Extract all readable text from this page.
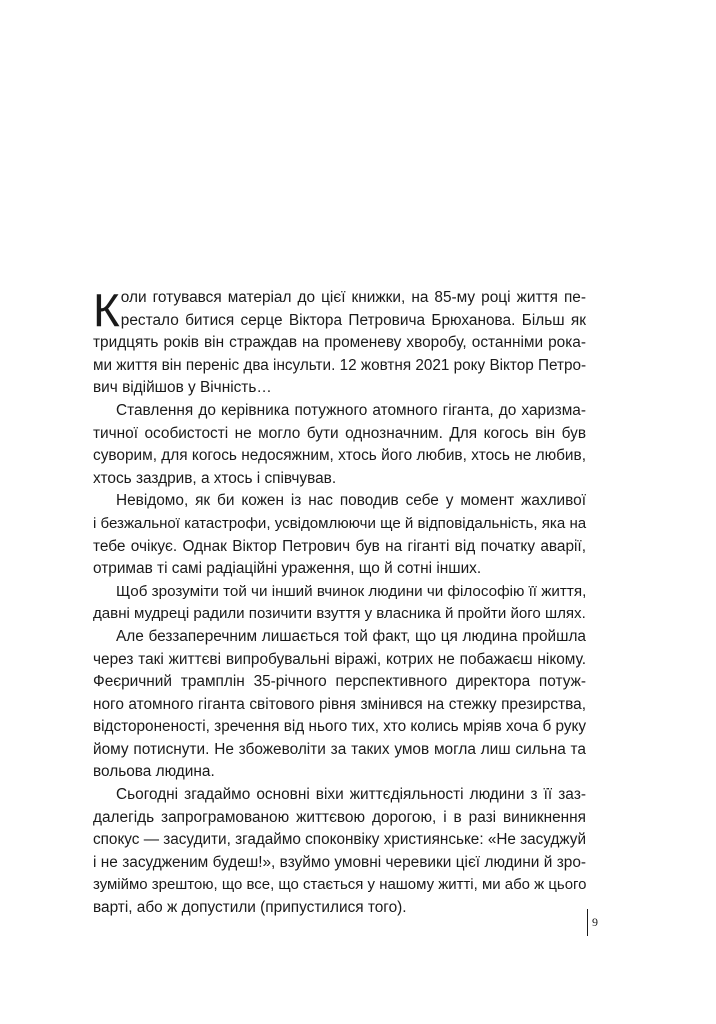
К оли готувався матеріал до цієї книжки, на 85-му році життя пе-
рестало битися серце Віктора Петровича Брюханова. Більш як
тридцять років він страждав на променеву хворобу, останніми рока-
ми життя він переніс два інсульти. 12 жовтня 2021 року Віктор Петро-
вич відійшов у Вічність…
Ставлення до керівника потужного атомного гіганта, до харизма-
тичної особистості не могло бути однозначним. Для когось він був
суворим, для когось недосяжним, хтось його любив, хтось не любив,
хтось заздрив, а хтось і співчував.
Невідомо, як би кожен із нас поводив себе у момент жахливої
і безжальної катастрофи, усвідомлюючи ще й відповідальність, яка на
тебе очікує. Однак Віктор Петрович був на гіганті від початку аварії,
отримав ті самі радіаційні ураження, що й сотні інших.
Щоб зрозуміти той чи інший вчинок людини чи філософію її життя,
давні мудреці радили позичити взуття у власника й пройти його шлях.
Але беззаперечним лишається той факт, що ця людина пройшла
через такі життєві випробувальні віражі, котрих не побажаєш нікому.
Феєричний трамплін 35-річного перспективного директора потуж-
ного атомного гіганта світового рівня змінився на стежку презирства,
відстороненості, зречення від нього тих, хто колись мріяв хоча б руку
йому потиснути. Не збожеволіти за таких умов могла лиш сильна та
вольова людина.
Сьогодні згадаймо основні віхи життєдіяльності людини з її зaз-
далегідь запрограмованою життєвою дорогою, і в разі виникнення
спокус — засудити, згадаймо споконвіку християнське: «Не засуджуй
і не засудженим будеш!», взуймо умовні черевики цієї людини й зро-
зуміймо зрештою, що все, що стається у нашому житті, ми або ж цього
варті, або ж допустили (припустилися того).
9
